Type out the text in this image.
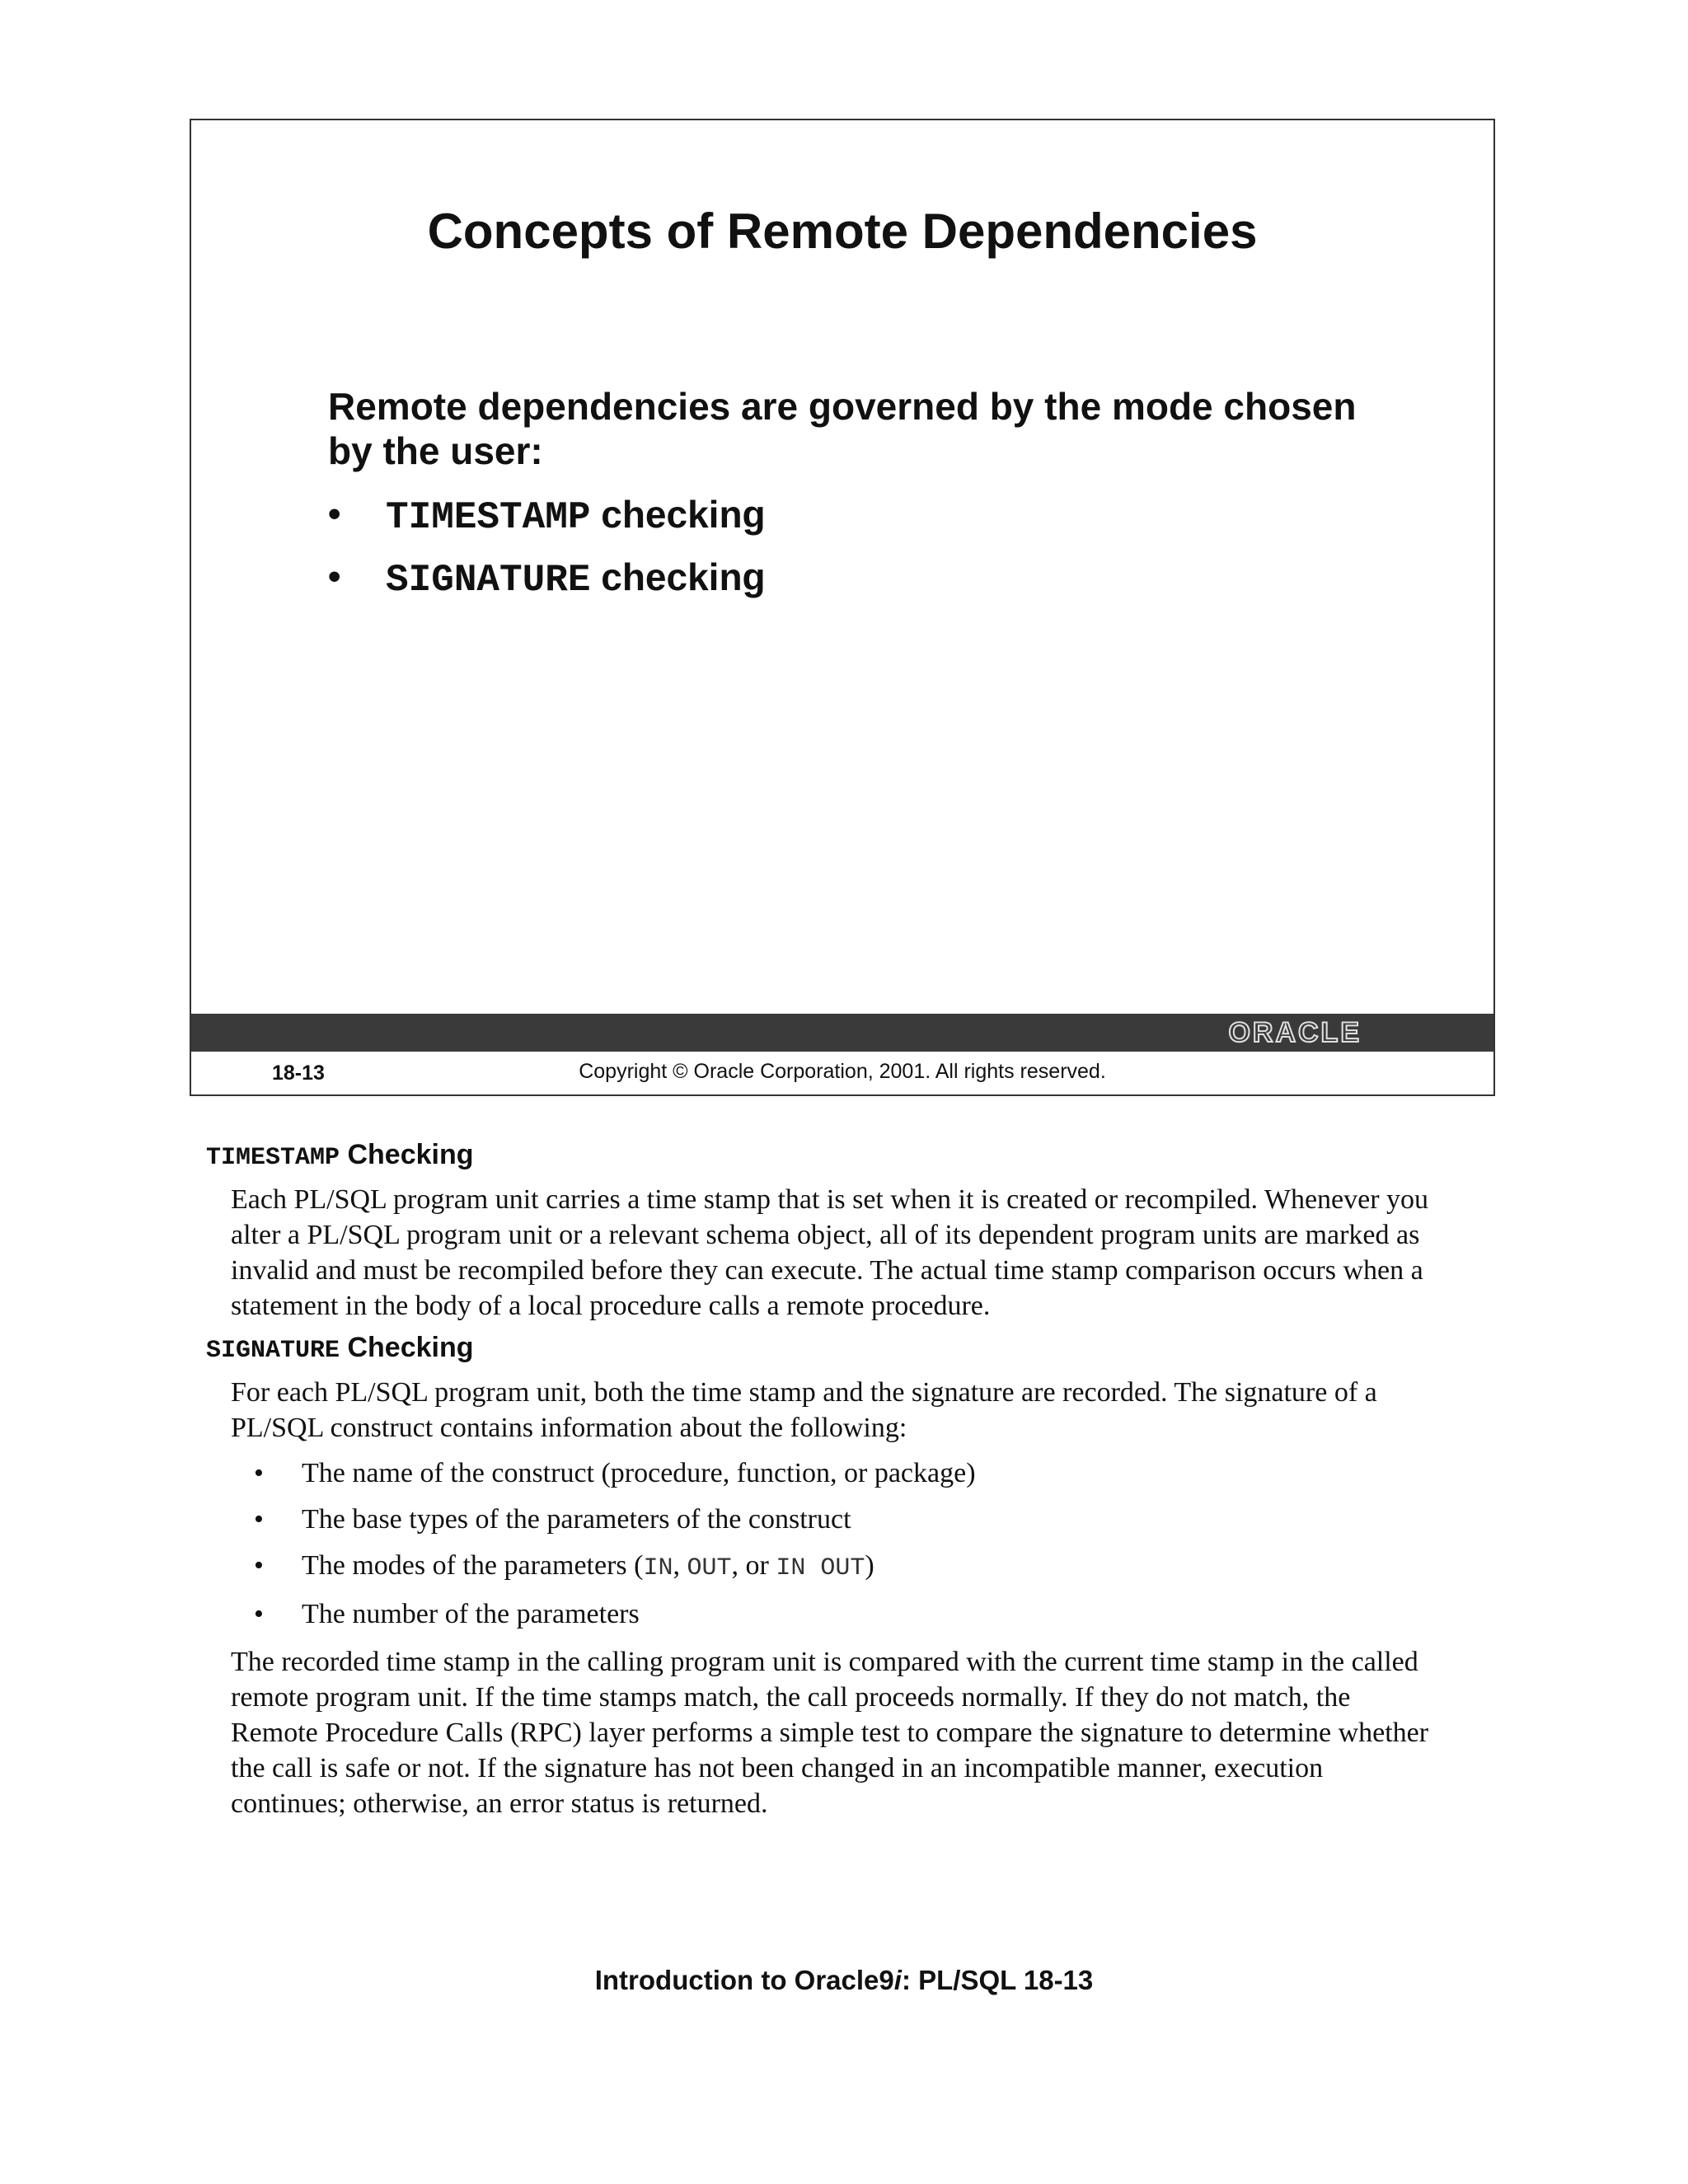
Concepts of Remote Dependencies

Remote dependencies are governed by the mode chosen by the user:

• TIMESTAMP checking
• SIGNATURE checking
ORACLE
18-13	Copyright © Oracle Corporation, 2001. All rights reserved.
TIMESTAMP Checking

Each PL/SQL program unit carries a time stamp that is set when it is created or recompiled. Whenever you alter a PL/SQL program unit or a relevant schema object, all of its dependent program units are marked as invalid and must be recompiled before they can execute. The actual time stamp comparison occurs when a statement in the body of a local procedure calls a remote procedure.

SIGNATURE Checking

For each PL/SQL program unit, both the time stamp and the signature are recorded. The signature of a PL/SQL construct contains information about the following:

• The name of the construct (procedure, function, or package)
• The base types of the parameters of the construct
• The modes of the parameters (IN, OUT, or IN OUT)
• The number of the parameters

The recorded time stamp in the calling program unit is compared with the current time stamp in the called remote program unit. If the time stamps match, the call proceeds normally. If they do not match, the Remote Procedure Calls (RPC) layer performs a simple test to compare the signature to determine whether the call is safe or not. If the signature has not been changed in an incompatible manner, execution continues; otherwise, an error status is returned.

Introduction to Oracle9i: PL/SQL 18-13
